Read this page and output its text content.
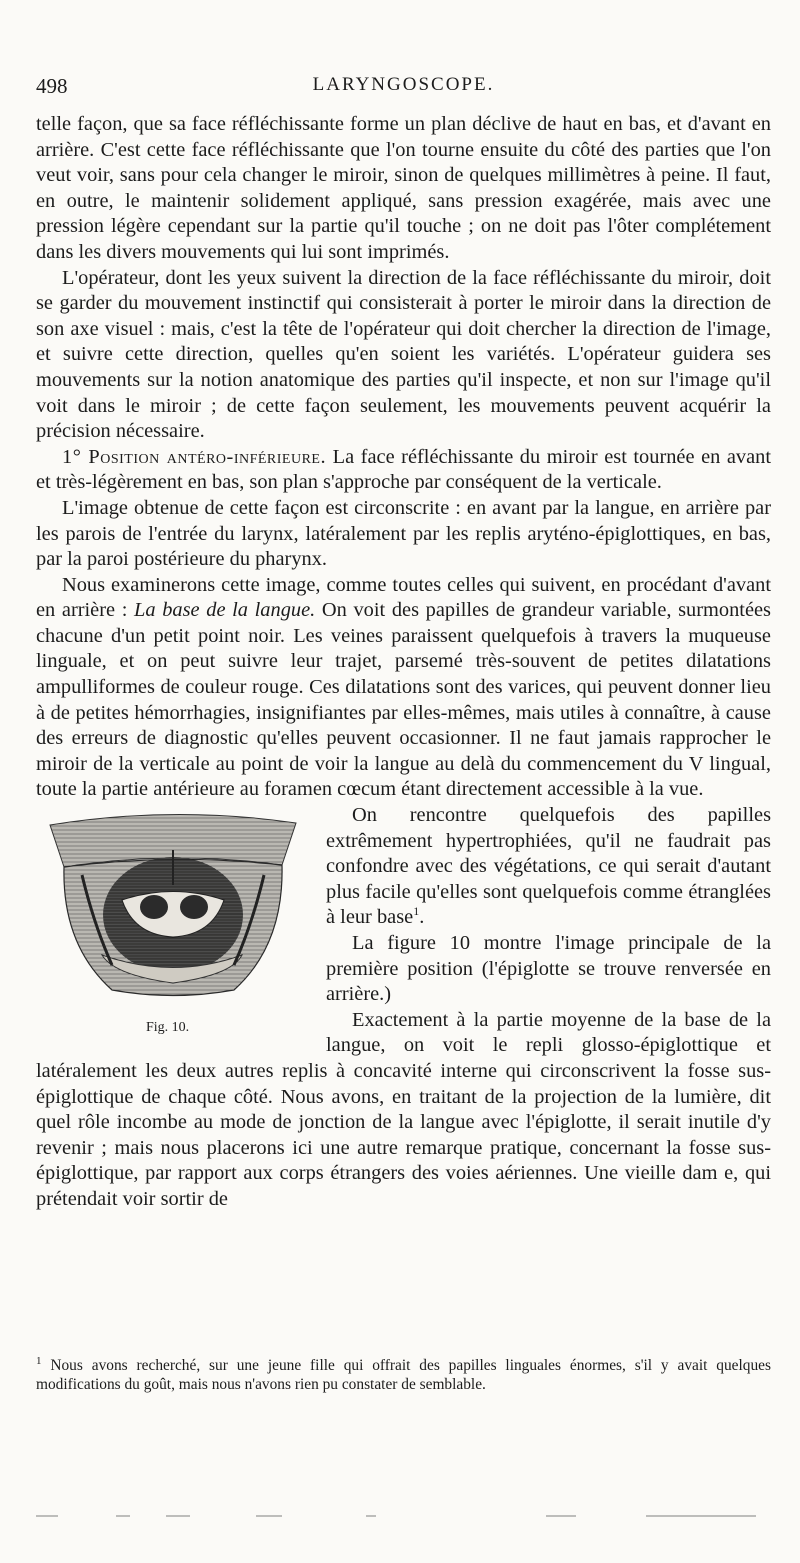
498	LARYNGOSCOPE.

telle façon, que sa face réfléchissante forme un plan déclive de haut en bas, et d'avant en arrière. C'est cette face réfléchissante que l'on tourne ensuite du côté des parties que l'on veut voir, sans pour cela changer le miroir, sinon de quelques millimètres à peine. Il faut, en outre, le maintenir solidement appliqué, sans pression exagérée, mais avec une pression légère cependant sur la partie qu'il touche ; on ne doit pas l'ôter complétement dans les divers mouvements qui lui sont imprimés.

L'opérateur, dont les yeux suivent la direction de la face réfléchissante du miroir, doit se garder du mouvement instinctif qui consisterait à porter le miroir dans la direction de son axe visuel : mais, c'est la tête de l'opérateur qui doit chercher la direction de l'image, et suivre cette direction, quelles qu'en soient les variétés. L'opérateur guidera ses mouvements sur la notion anatomique des parties qu'il inspecte, et non sur l'image qu'il voit dans le miroir ; de cette façon seulement, les mouvements peuvent acquérir la précision nécessaire.

1° Position antéro-inférieure. La face réfléchissante du miroir est tournée en avant et très-légèrement en bas, son plan s'approche par conséquent de la verticale.

L'image obtenue de cette façon est circonscrite : en avant par la langue, en arrière par les parois de l'entrée du larynx, latéralement par les replis aryténo-épiglottiques, en bas, par la paroi postérieure du pharynx.

Nous examinerons cette image, comme toutes celles qui suivent, en procédant d'avant en arrière : La base de la langue. On voit des papilles de grandeur variable, surmontées chacune d'un petit point noir. Les veines paraissent quelquefois à travers la muqueuse linguale, et on peut suivre leur trajet, parsemé très-souvent de petites dilatations ampulliformes de couleur rouge. Ces dilatations sont des varices, qui peuvent donner lieu à de petites hémorrhagies, insignifiantes par elles-mêmes, mais utiles à connaître, à cause des erreurs de diagnostic qu'elles peuvent occasionner. Il ne faut jamais rapprocher le miroir de la verticale au point de voir la langue au delà du commencement du V lingual, toute la partie antérieure au foramen cœcum étant directement accessible à la vue.

Fig. 10.

On rencontre quelquefois des papilles extrêmement hypertrophiées, qu'il ne faudrait pas confondre avec des végétations, ce qui serait d'autant plus facile qu'elles sont quelquefois comme étranglées à leur base$^1$.

La figure 10 montre l'image principale de la première position (l'épiglotte se trouve renversée en arrière.)

Exactement à la partie moyenne de la base de la langue, on voit le repli glosso-épiglottique et latéralement les deux autres replis à concavité interne qui circonscrivent la fosse sus-épiglottique de chaque côté. Nous avons, en traitant de la projection de la lumière, dit quel rôle incombe au mode de jonction de la langue avec l'épiglotte, il serait inutile d'y revenir ; mais nous placerons ici une autre remarque pratique, concernant la fosse sus-épiglottique, par rapport aux corps étrangers des voies aériennes. Une vieille dam e, qui prétendait voir sortir de

$^1$ Nous avons recherché, sur une jeune fille qui offrait des papilles linguales énormes, s'il y avait quelques modifications du goût, mais nous n'avons rien pu constater de semblable.
